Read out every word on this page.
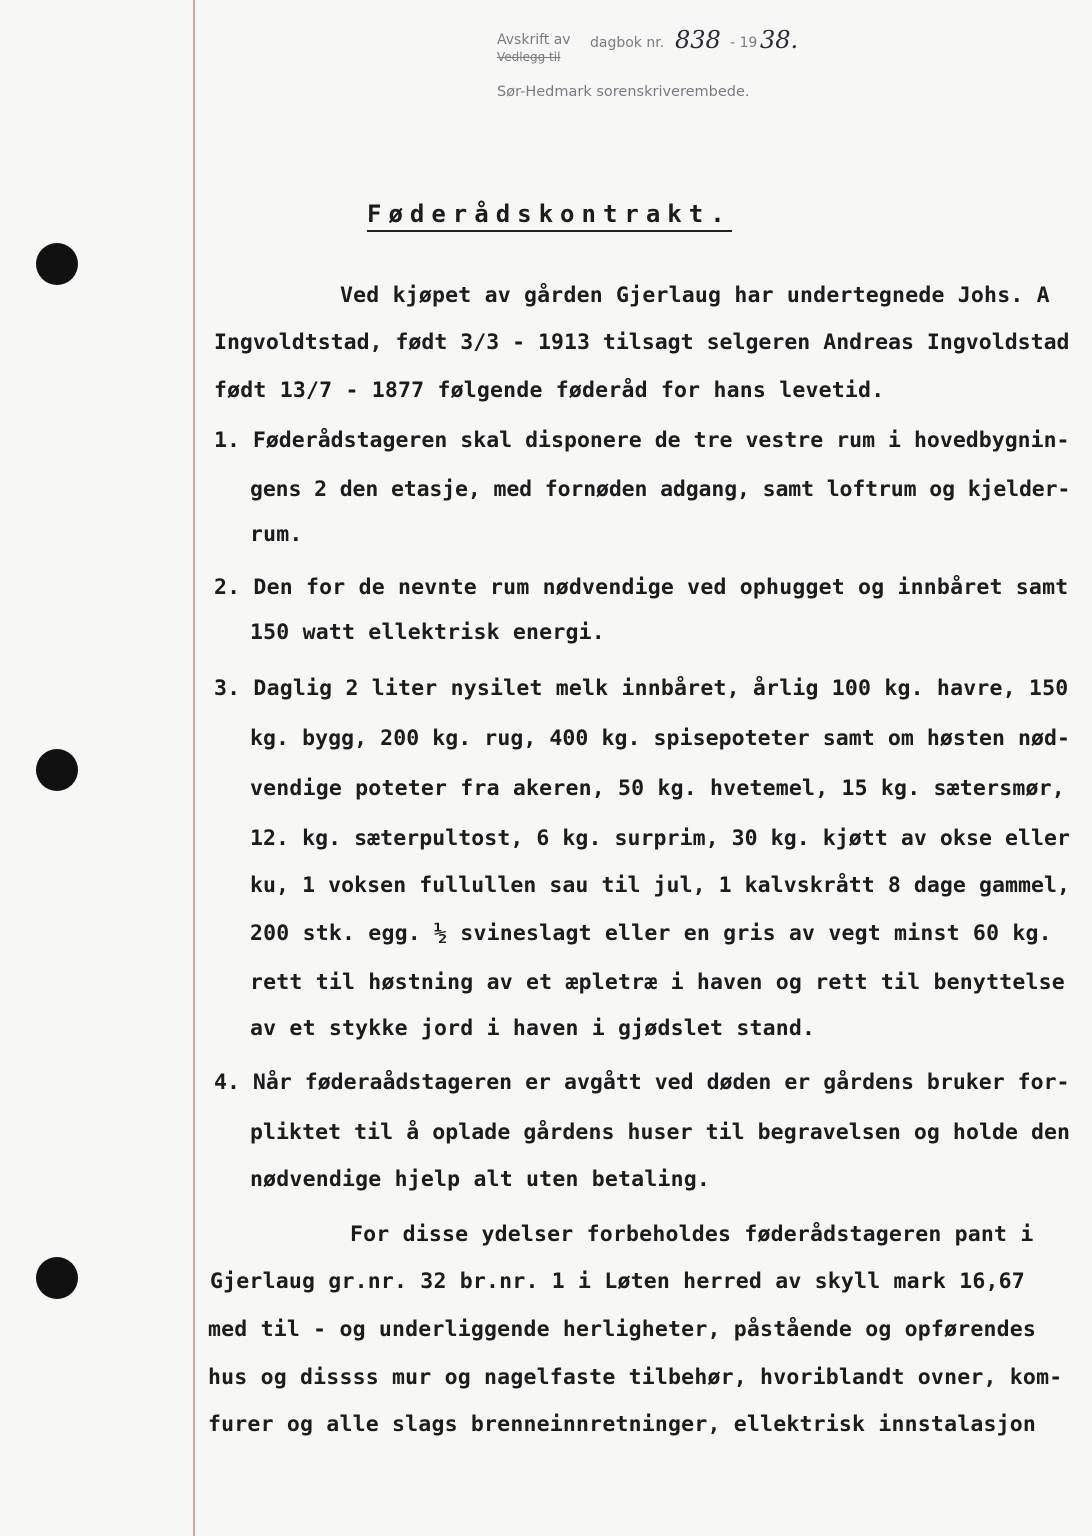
Avskrift av
Vedlegg til
dagbok nr. 838 - 19 38.
Sør-Hedmark sorenskriverembede.
Føderådskontrakt.
Ved kjøpet av gården Gjerlaug har undertegnede Johs. A
Ingvoldtstad, født 3/3 - 1913 tilsagt selgeren Andreas Ingvoldstad
født 13/7 - 1877 følgende føderåd for hans levetid.
1. Føderådstageren skal disponere de tre vestre rum i hovedbygnin-
gens 2 den etasje, med fornøden adgang, samt loftrum og kjelder-
rum.
2. Den for de nevnte rum nødvendige ved ophugget og innbåret samt
150 watt ellektrisk energi.
3. Daglig 2 liter nysilet melk innbåret, årlig 100 kg. havre, 150
kg. bygg, 200 kg. rug, 400 kg. spisepoteter samt om høsten nød-
vendige poteter fra akeren, 50 kg. hvetemel, 15 kg. sætersmør,
12. kg. sæterpultost, 6 kg. surprim, 30 kg. kjøtt av okse eller
ku, 1 voksen fullullen sau til jul, 1 kalvskrått 8 dage gammel,
200 stk. egg. ½ svineslagt eller en gris av vegt minst 60 kg.
rett til høstning av et æpletræ i haven og rett til benyttelse
av et stykke jord i haven i gjødslet stand.
4. Når føderaådstageren er avgått ved døden er gårdens bruker for-
pliktet til å oplade gårdens huser til begravelsen og holde den
nødvendige hjelp alt uten betaling.
For disse ydelser forbeholdes føderådstageren pant i
Gjerlaug gr.nr. 32 br.nr. 1 i Løten herred av skyll mark 16,67
med til - og underliggende herligheter, påstående og opførendes
hus og dissss mur og nagelfaste tilbehør, hvoriblandt ovner, kom-
furer og alle slags brenneinnretninger, ellektrisk innstalasjon
